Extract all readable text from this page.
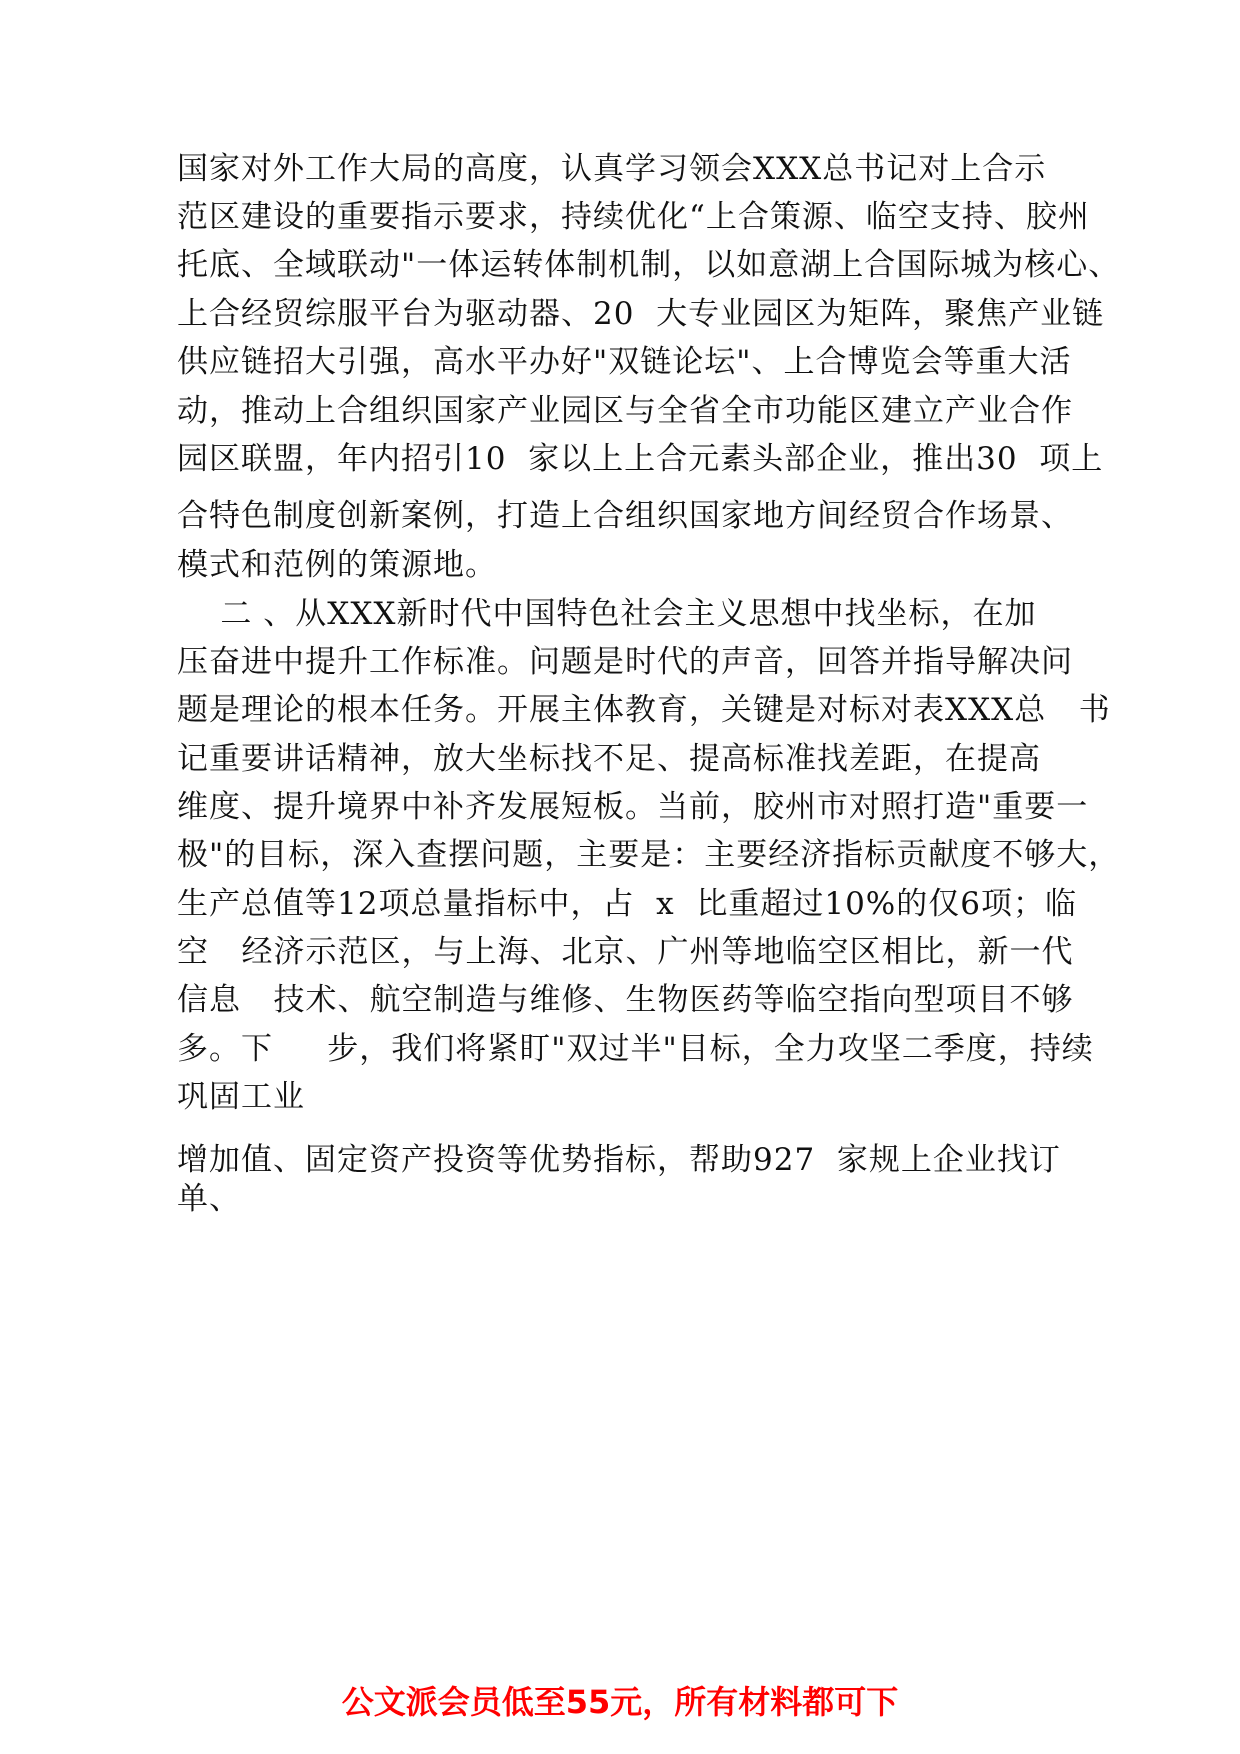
国家对外工作大局的高度，认真学习领会XXX总书记对上合示
范区建设的重要指示要求，持续优化“上合策源、临空支持、胶州
托底、全域联动"一体运转体制机制，以如意湖上合国际城为核心、
上合经贸综服平台为驱动器、20  大专业园区为矩阵，聚焦产业链
供应链招大引强，高水平办好"双链论坛"、上合博览会等重大活
动，推动上合组织国家产业园区与全省全市功能区建立产业合作
园区联盟，年内招引10  家以上上合元素头部企业，推出30  项上
合特色制度创新案例，打造上合组织国家地方间经贸合作场景、
模式和范例的策源地。
二 、从XXX新时代中国特色社会主义思想中找坐标，在加
压奋进中提升工作标准。问题是时代的声音，回答并指导解决问
题是理论的根本任务。开展主体教育，关键是对标对表XXX总   书
记重要讲话精神，放大坐标找不足、提高标准找差距，在提高
维度、提升境界中补齐发展短板。当前，胶州市对照打造"重要一
极"的目标，深入查摆问题，主要是：主要经济指标贡献度不够大，
生产总值等12项总量指标中，占  x  比重超过10%的仅6项；临
空   经济示范区，与上海、北京、广州等地临空区相比，新一代
信息   技术、航空制造与维修、生物医药等临空指向型项目不够
多。下     步，我们将紧盯"双过半"目标，全力攻坚二季度，持续
巩固工业
增加值、固定资产投资等优势指标，帮助927  家规上企业找订
单、
公文派会员低至55元，所有材料都可下
